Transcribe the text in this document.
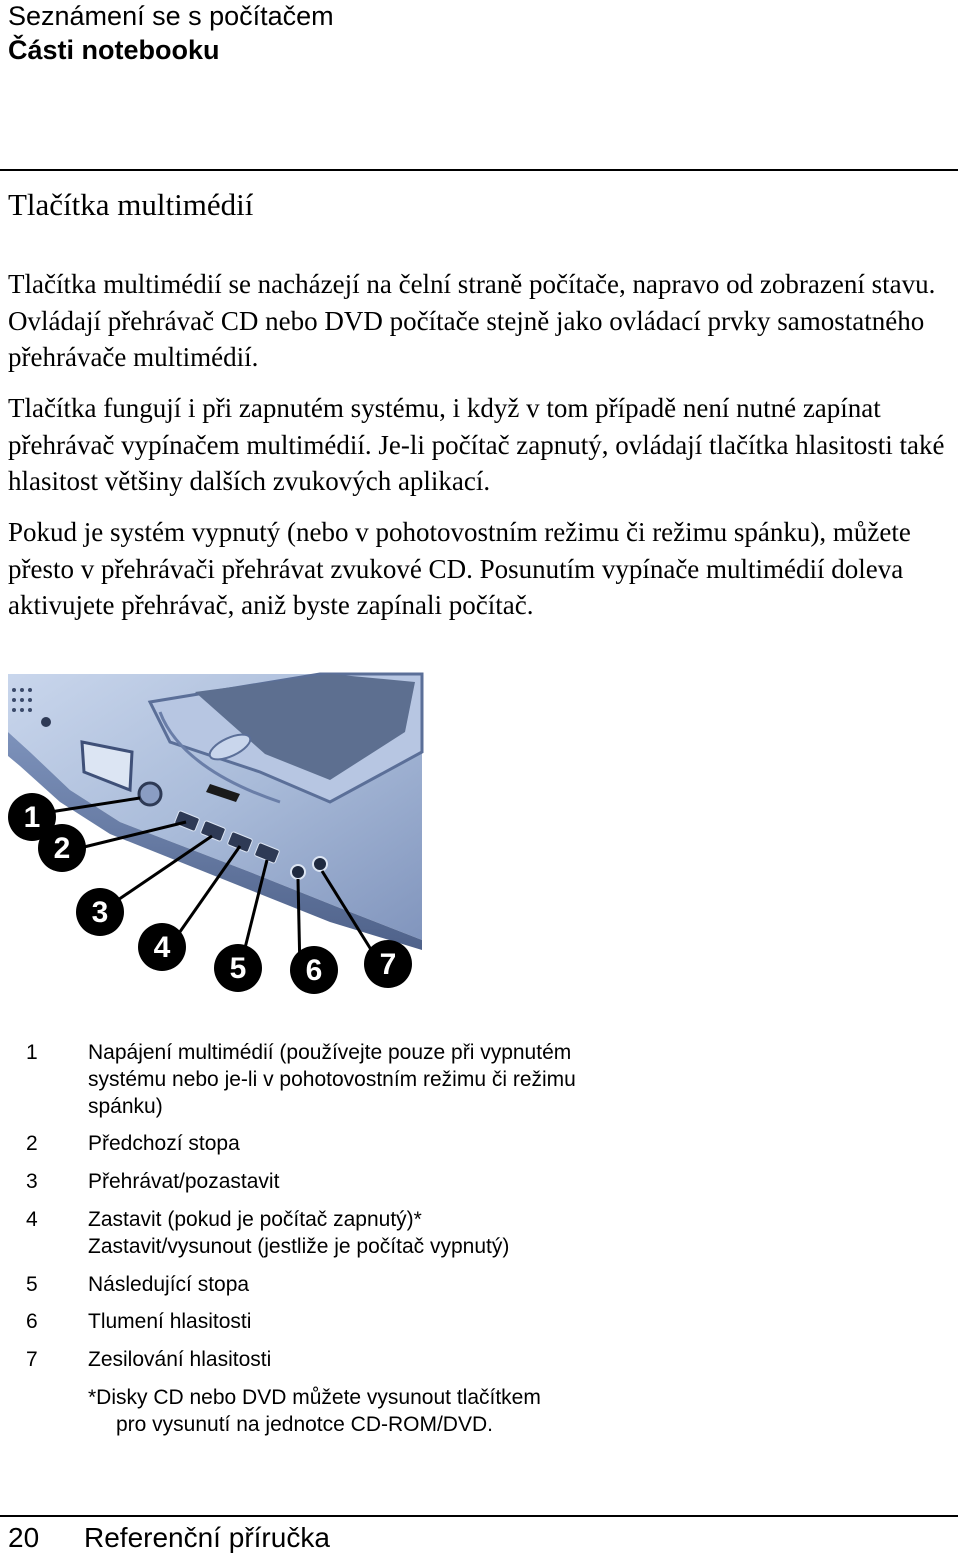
Seznámení se s počítačem
Části notebooku
Tlačítka multimédií

Tlačítka multimédií se nacházejí na čelní straně počítače, napravo od zobrazení stavu. Ovládají přehrávač CD nebo DVD počítače stejně jako ovládací prvky samostatného přehrávače multimédií.

Tlačítka fungují i při zapnutém systému, i když v tom případě není nutné zapínat přehrávač vypínačem multimédií. Je-li počítač zapnutý, ovládají tlačítka hlasitosti také hlasitost většiny dalších zvukových aplikací.

Pokud je systém vypnutý (nebo v pohotovostním režimu či režimu spánku), můžete přesto v přehrávači přehrávat zvukové CD. Posunutím vypínače multimédií doleva aktivujete přehrávač, aniž byste zapínali počítač.

1
2
3
4
5 6 7
1 Napájení multimédií (používejte pouze při vypnutém
systému nebo je-li v pohotovostním režimu či režimu
spánku)
2 Předchozí stopa
3 Přehrávat/pozastavit
4 Zastavit (pokud je počítač zapnutý)*
Zastavit/vysunout (jestliže je počítač vypnutý)
5 Následující stopa
6 Tlumení hlasitosti
7 Zesilování hlasitosti
*Disky CD nebo DVD můžete vysunout tlačítkem
pro vysunutí na jednotce CD-ROM/DVD.
20 Referenční příručka
